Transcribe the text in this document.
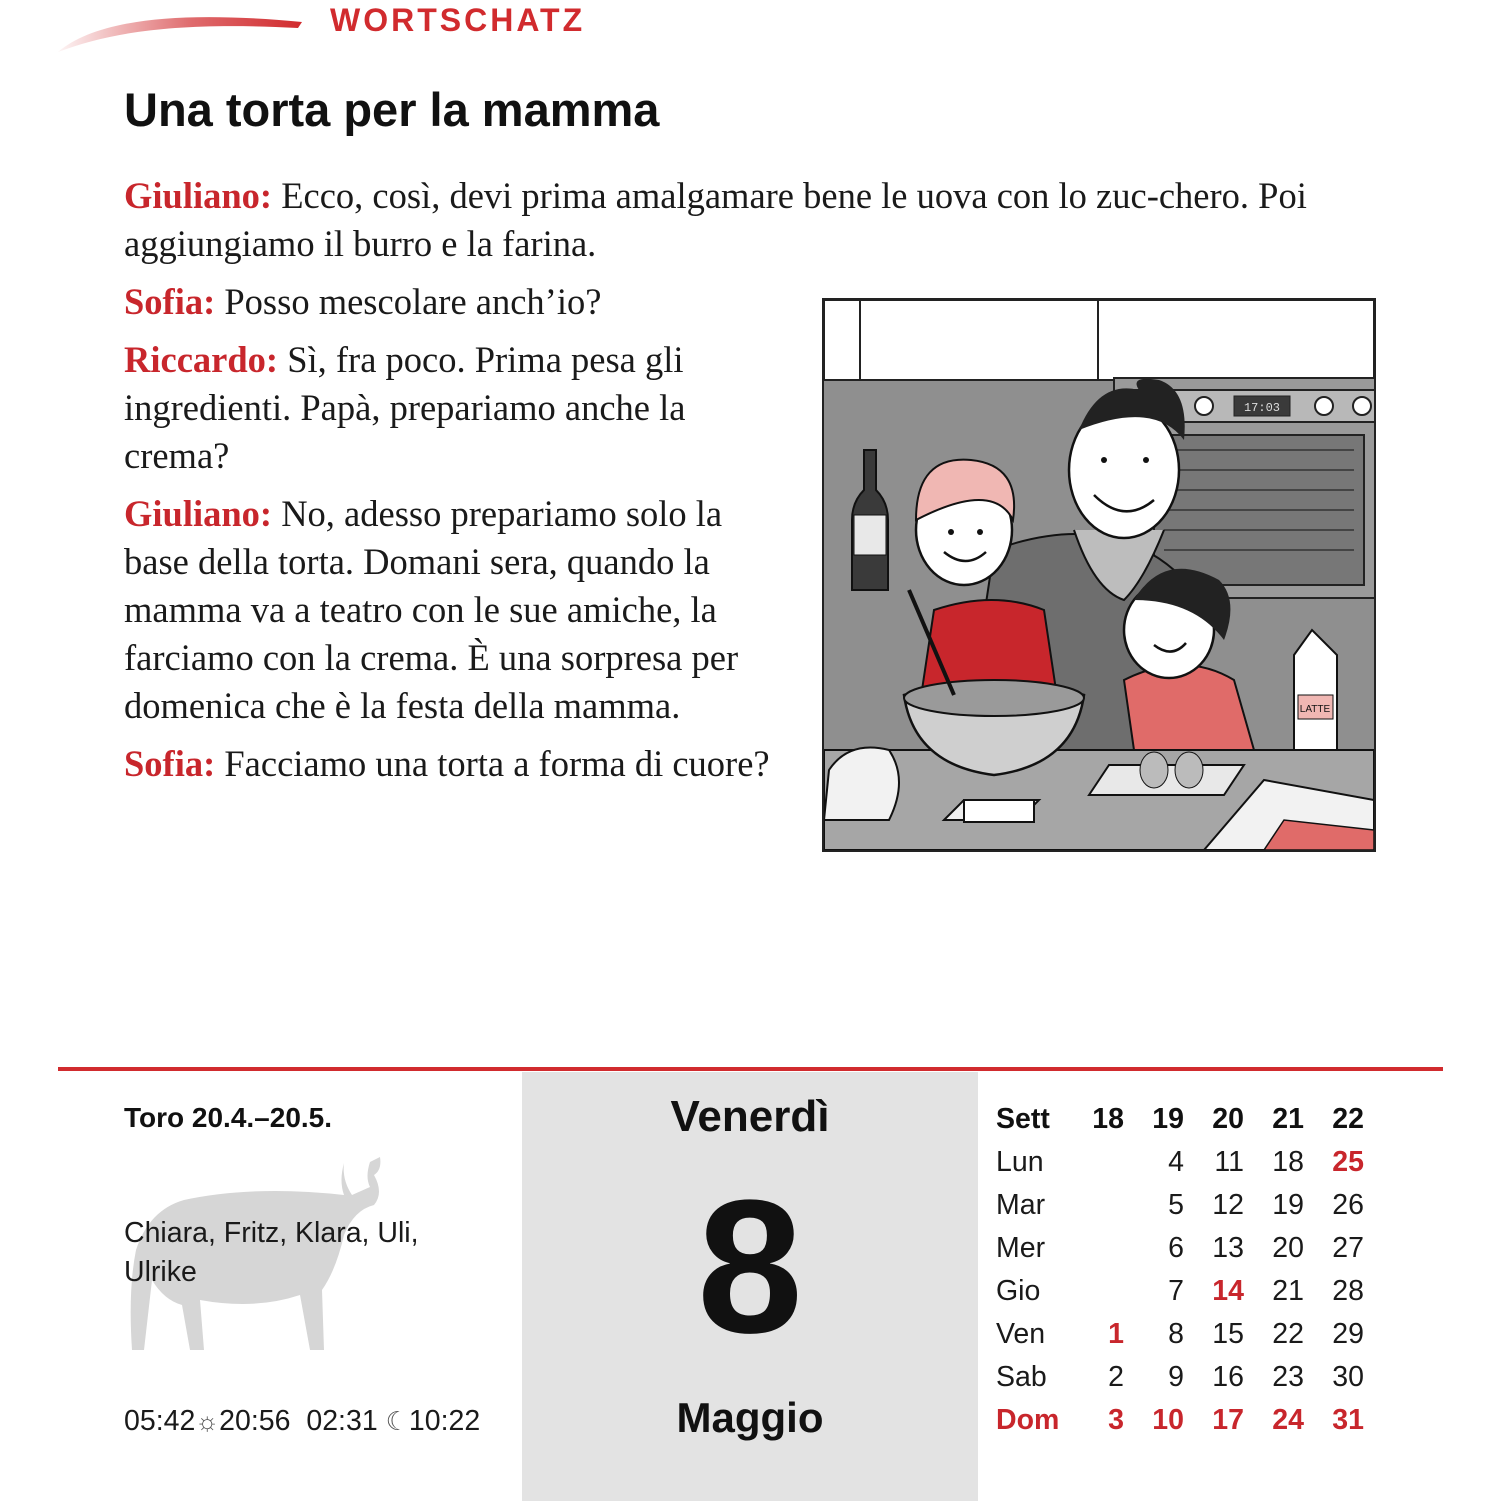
WORTSCHATZ
Una torta per la mamma

Giuliano: Ecco, così, devi prima amalgamare bene le uova con lo zuc-chero. Poi aggiungiamo il burro e la farina.

Sofia: Posso mescolare anch’io?

Riccardo: Sì, fra poco. Prima pesa gli ingredienti. Papà, prepariamo anche la crema?

Giuliano: No, adesso prepariamo solo la base della torta. Domani sera, quando la mamma va a teatro con le sue amiche, la farciamo con la crema. È una sorpresa per domenica che è la festa della mamma.

Sofia: Facciamo una torta a forma di cuore?

17:03
LATTE
Toro 20.4.–20.5.
Chiara, Fritz, Klara, Uli, Ulrike
05:42☼20:56 02:31 ☾10:22
Venerdì
8
Maggio
Sett	18	19	20	21	22
Lun		4	11	18	25
Mar		5	12	19	26
Mer		6	13	20	27
Gio		7	14	21	28
Ven	1	8	15	22	29
Sab	2	9	16	23	30
Dom	3	10	17	24	31
